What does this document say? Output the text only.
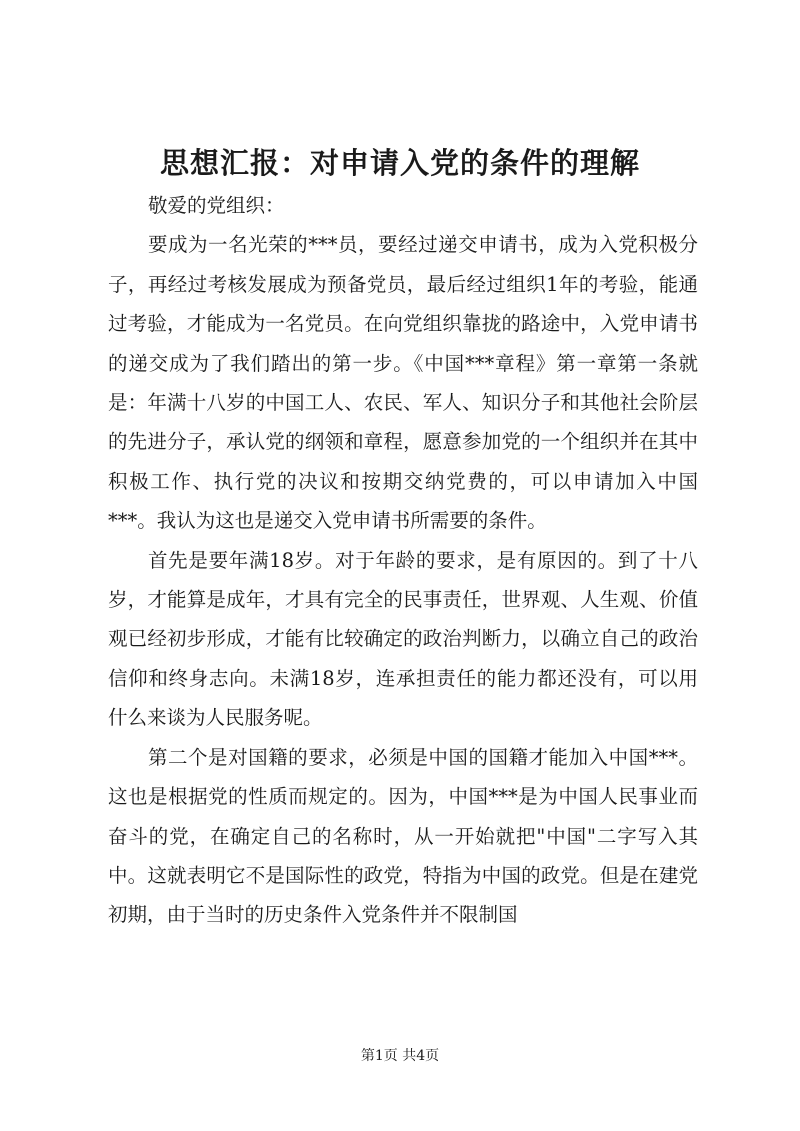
思想汇报：对申请入党的条件的理解

敬爱的党组织：

要成为一名光荣的***员，要经过递交申请书，成为入党积极分子，再经过考核发展成为预备党员，最后经过组织1年的考验，能通过考验，才能成为一名党员。在向党组织靠拢的路途中，入党申请书的递交成为了我们踏出的第一步。《中国***章程》第一章第一条就是：年满十八岁的中国工人、农民、军人、知识分子和其他社会阶层的先进分子，承认党的纲领和章程，愿意参加党的一个组织并在其中积极工作、执行党的决议和按期交纳党费的，可以申请加入中国***。我认为这也是递交入党申请书所需要的条件。

首先是要年满18岁。对于年龄的要求，是有原因的。到了十八岁，才能算是成年，才具有完全的民事责任，世界观、人生观、价值观已经初步形成，才能有比较确定的政治判断力，以确立自己的政治信仰和终身志向。未满18岁，连承担责任的能力都还没有，可以用什么来谈为人民服务呢。

第二个是对国籍的要求，必须是中国的国籍才能加入中国***。这也是根据党的性质而规定的。因为，中国***是为中国人民事业而奋斗的党，在确定自己的名称时，从一开始就把"中国"二字写入其中。这就表明它不是国际性的政党，特指为中国的政党。但是在建党初期，由于当时的历史条件入党条件并不限制国

第1页 共4页
